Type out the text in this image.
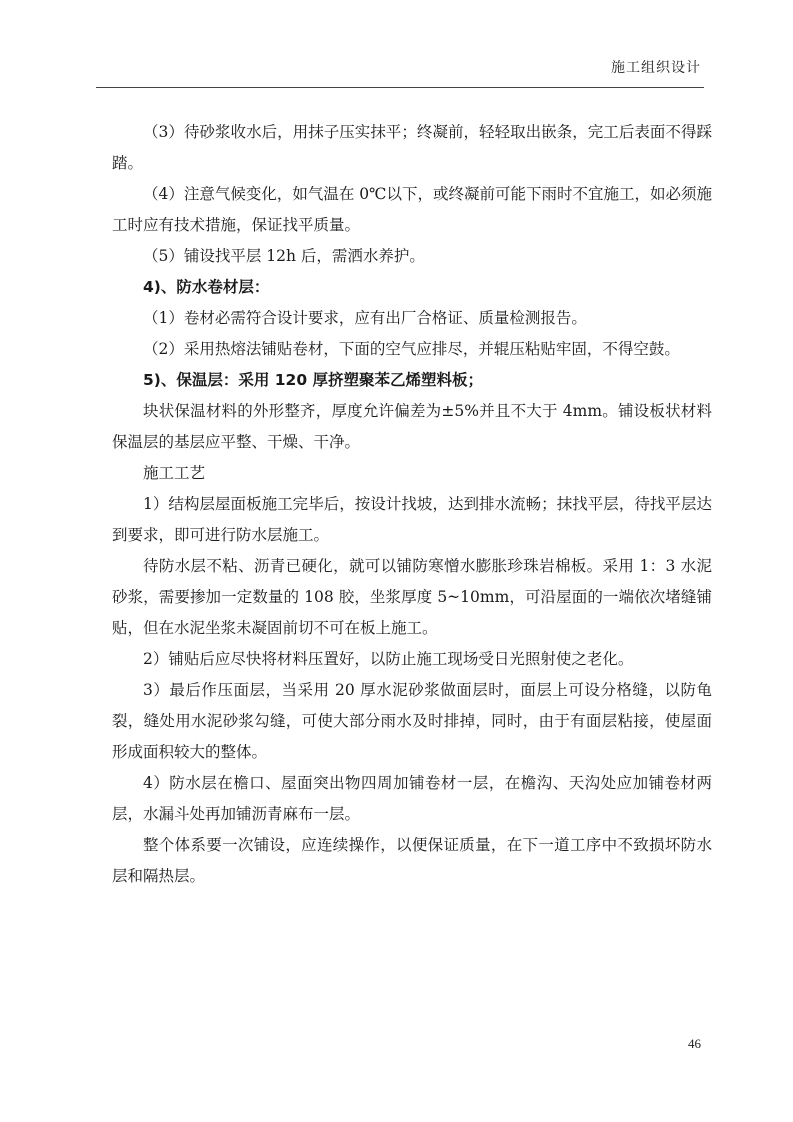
施工组织设计

（3）待砂浆收水后，用抹子压实抹平；终凝前，轻轻取出嵌条，完工后表面不得踩踏。

（4）注意气候变化，如气温在 0℃以下，或终凝前可能下雨时不宜施工，如必须施工时应有技术措施，保证找平质量。

（5）铺设找平层 12h 后，需洒水养护。

4)、防水卷材层：

（1）卷材必需符合设计要求，应有出厂合格证、质量检测报告。

（2）采用热熔法铺贴卷材，下面的空气应排尽，并辊压粘贴牢固，不得空鼓。

5)、保温层：采用 120 厚挤塑聚苯乙烯塑料板；

块状保温材料的外形整齐，厚度允许偏差为±5%并且不大于 4mm。铺设板状材料保温层的基层应平整、干燥、干净。

施工工艺

1）结构层屋面板施工完毕后，按设计找坡，达到排水流畅；抹找平层，待找平层达到要求，即可进行防水层施工。

待防水层不粘、沥青已硬化，就可以铺防寒憎水膨胀珍珠岩棉板。采用 1：3 水泥砂浆，需要掺加一定数量的 108 胶，坐浆厚度 5~10mm，可沿屋面的一端依次堵缝铺贴，但在水泥坐浆未凝固前切不可在板上施工。

2）铺贴后应尽快将材料压置好，以防止施工现场受日光照射使之老化。

3）最后作压面层，当采用 20 厚水泥砂浆做面层时，面层上可设分格缝，以防龟裂，缝处用水泥砂浆勾缝，可使大部分雨水及时排掉，同时，由于有面层粘接，使屋面形成面积较大的整体。

4）防水层在檐口、屋面突出物四周加铺卷材一层，在檐沟、天沟处应加铺卷材两层，水漏斗处再加铺沥青麻布一层。

整个体系要一次铺设，应连续操作，以便保证质量，在下一道工序中不致损坏防水层和隔热层。

46
